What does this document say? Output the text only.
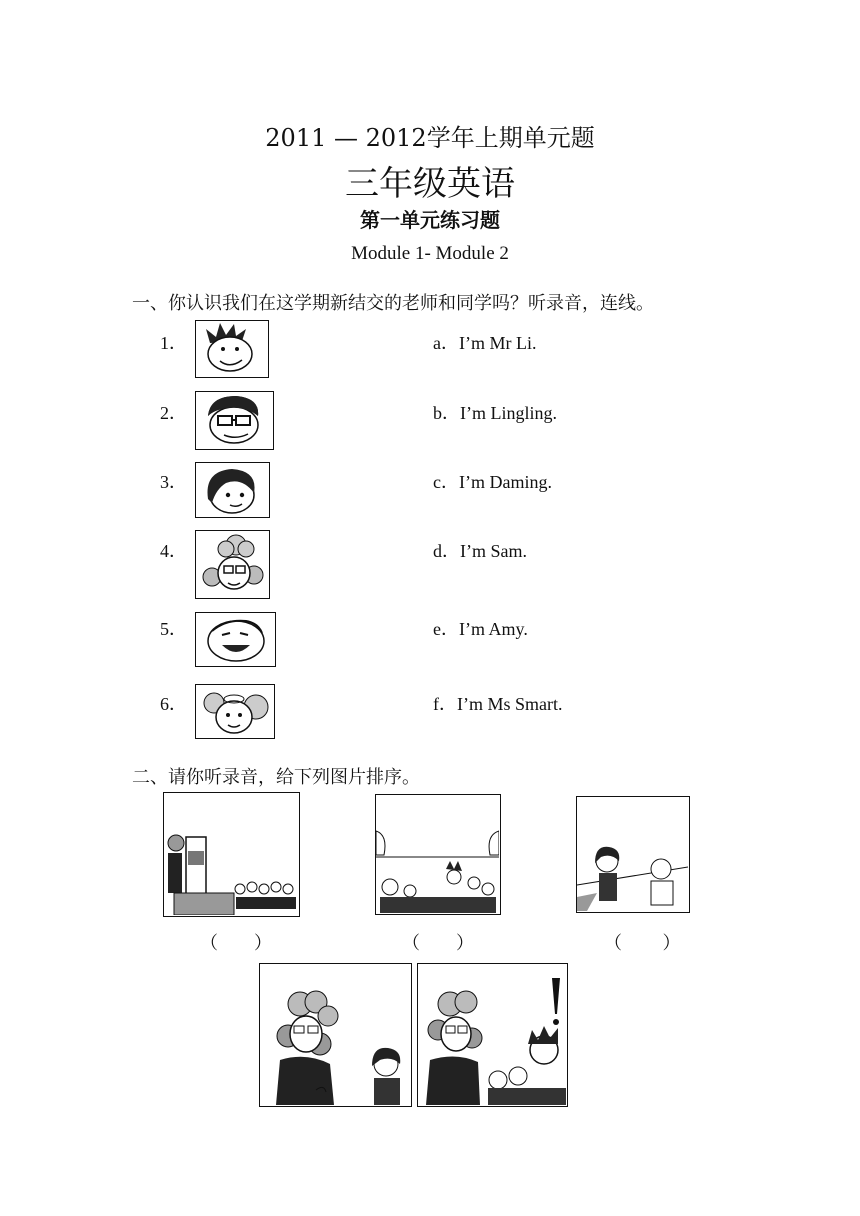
2011 — 2012学年上期单元题
三年级英语
第一单元练习题
Module 1- Module 2
一、你认识我们在这学期新结交的老师和同学吗？听录音，连线。
1．
2．
3．
4．
5．
6．
a．I’m Mr Li.
b．I’m Lingling.
c．I’m Daming.
d．I’m Sam.
e．I’m Amy.
f．I’m Ms Smart.
二、请你听录音，给下列图片排序。
（　　）	（　　）	（　　 ）
